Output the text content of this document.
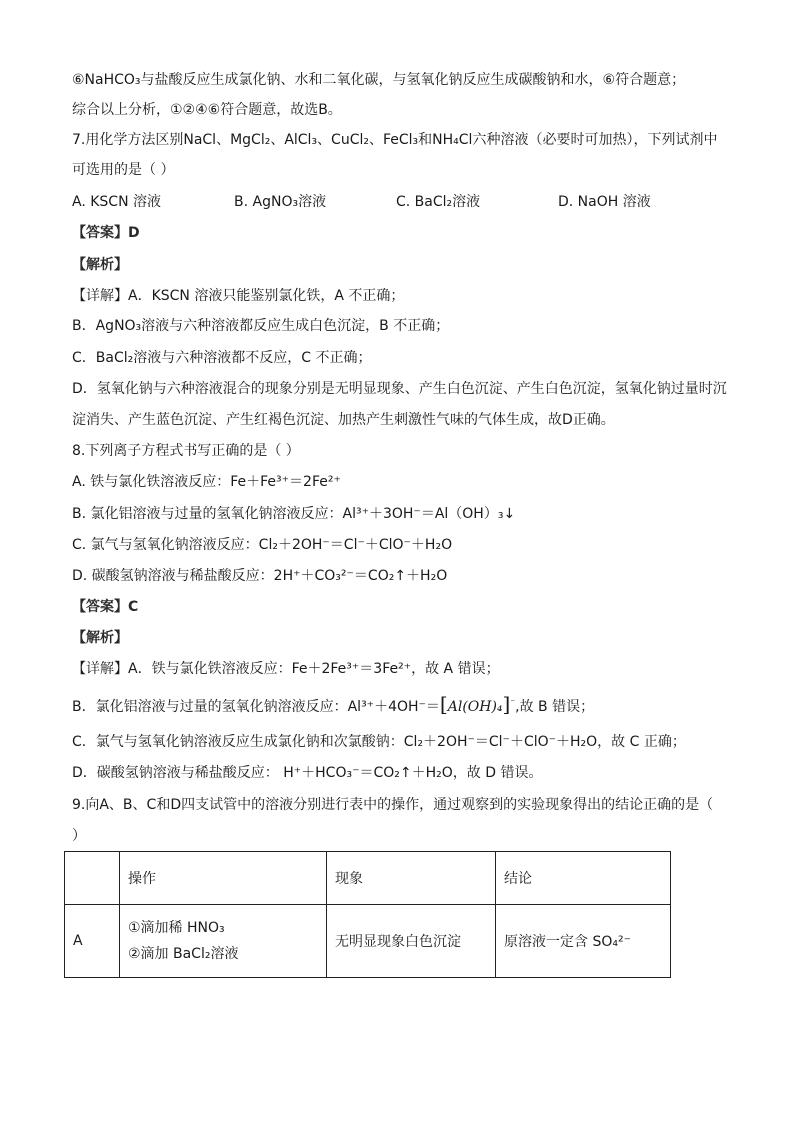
⑥NaHCO₃与盐酸反应生成氯化钠、水和二氧化碳，与氢氧化钠反应生成碳酸钠和水，⑥符合题意；
综合以上分析，①②④⑥符合题意，故选B。
7.用化学方法区别NaCl、MgCl₂、AlCl₃、CuCl₂、FeCl₃和NH₄Cl六种溶液（必要时可加热），下列试剂中
可选用的是（ ）
A. KSCN 溶液	B. AgNO₃溶液	C. BaCl₂溶液	D. NaOH 溶液
【答案】D
【解析】
【详解】A．KSCN 溶液只能鉴别氯化铁，A 不正确；
B．AgNO₃溶液与六种溶液都反应生成白色沉淀，B 不正确；
C．BaCl₂溶液与六种溶液都不反应，C 不正确；
D．氢氧化钠与六种溶液混合的现象分别是无明显现象、产生白色沉淀、产生白色沉淀，氢氧化钠过量时沉
淀消失、产生蓝色沉淀、产生红褐色沉淀、加热产生刺激性气味的气体生成，故D正确。
8.下列离子方程式书写正确的是（ ）
A. 铁与氯化铁溶液反应：Fe＋Fe³⁺＝2Fe²⁺
B. 氯化铝溶液与过量的氢氧化钠溶液反应：Al³⁺＋3OH⁻＝Al（OH）₃↓
C. 氯气与氢氧化钠溶液反应：Cl₂＋2OH⁻＝Cl⁻＋ClO⁻＋H₂O
D. 碳酸氢钠溶液与稀盐酸反应：2H⁺＋CO₃²⁻＝CO₂↑＋H₂O
【答案】C
【解析】
【详解】A．铁与氯化铁溶液反应：Fe＋2Fe³⁺＝3Fe²⁺，故 A 错误；
B．氯化铝溶液与过量的氢氧化钠溶液反应：Al³⁺＋4OH⁻＝[Al(OH)₄]⁻,故 B 错误；
C．氯气与氢氧化钠溶液反应生成氯化钠和次氯酸钠：Cl₂＋2OH⁻＝Cl⁻＋ClO⁻＋H₂O，故 C 正确；
D．碳酸氢钠溶液与稀盐酸反应： H⁺＋HCO₃⁻＝CO₂↑＋H₂O，故 D 错误。
9.向A、B、C和D四支试管中的溶液分别进行表中的操作，通过观察到的实验现象得出的结论正确的是（
）
	操作	现象	结论
A	①滴加稀 HNO₃
②滴加 BaCl₂溶液	无明显现象白色沉淀	原溶液一定含 SO₄²⁻
